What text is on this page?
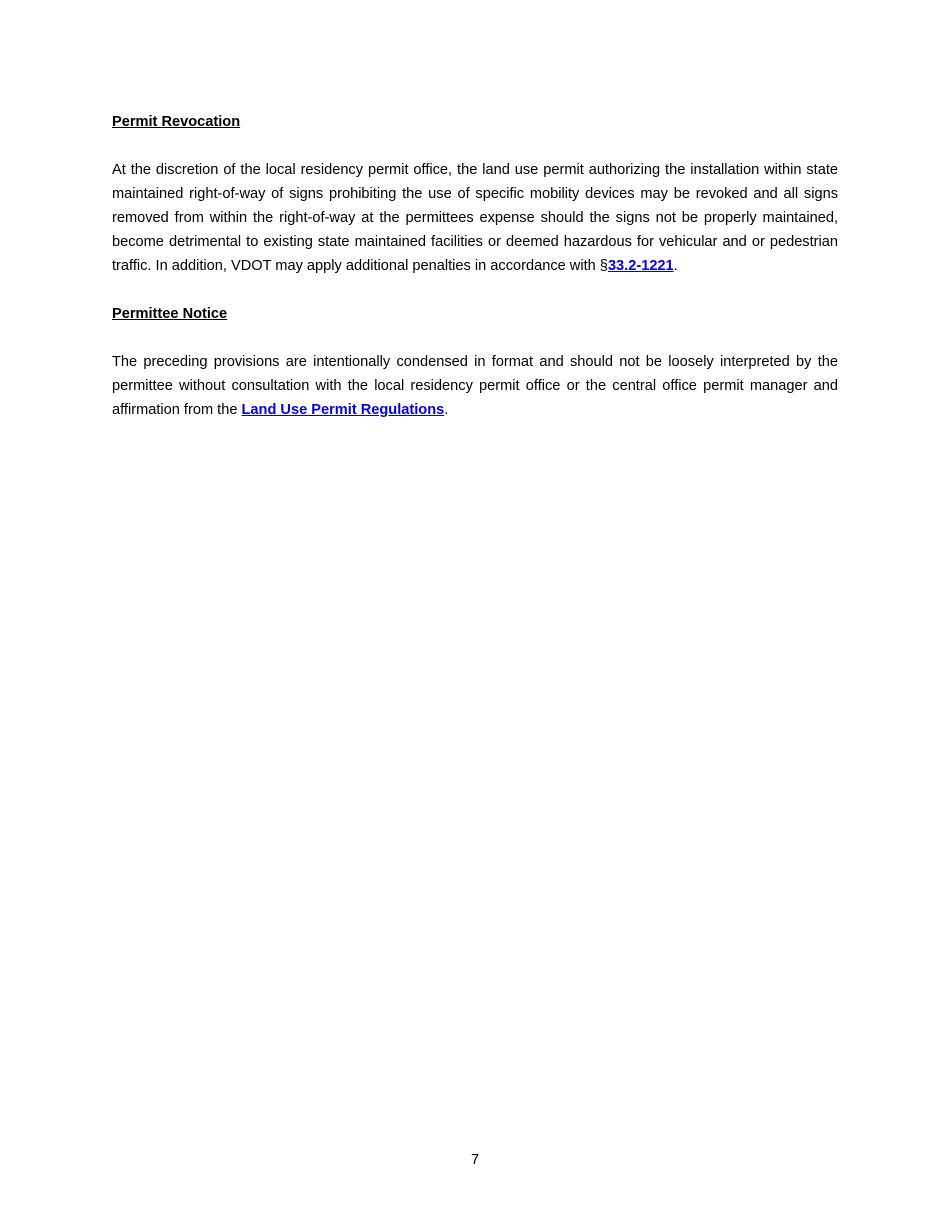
Permit Revocation

At the discretion of the local residency permit office, the land use permit authorizing the installation within state maintained right-of-way of signs prohibiting the use of specific mobility devices may be revoked and all signs removed from within the right-of-way at the permittees expense should the signs not be properly maintained, become detrimental to existing state maintained facilities or deemed hazardous for vehicular and or pedestrian traffic. In addition, VDOT may apply additional penalties in accordance with §33.2-1221.

Permittee Notice

The preceding provisions are intentionally condensed in format and should not be loosely interpreted by the permittee without consultation with the local residency permit office or the central office permit manager and affirmation from the Land Use Permit Regulations.

7
